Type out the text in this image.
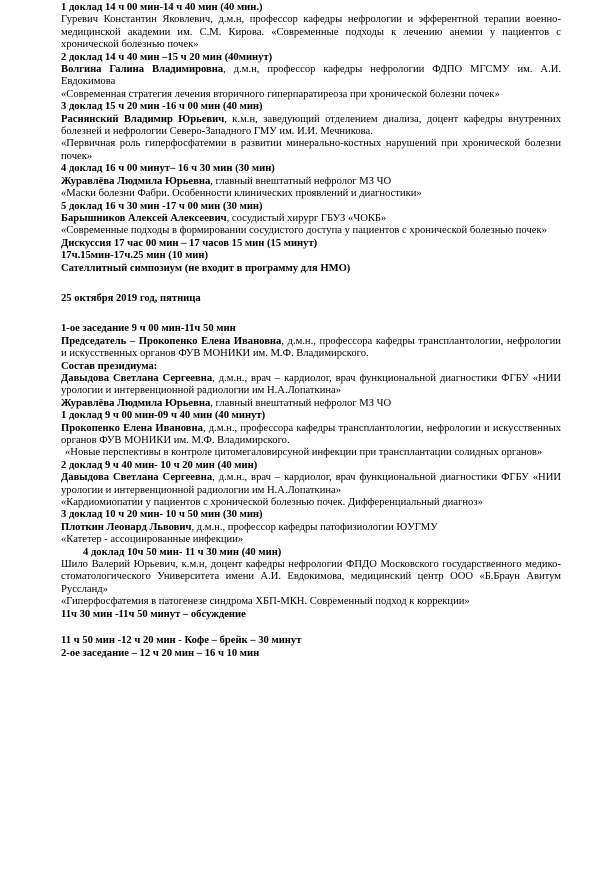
1 доклад 14 ч 00 мин-14 ч 40 мин (40 мин.)

Гуревич Константин Яковлевич, д.м.н, профессор кафедры нефрологии и эфферентной терапии военно-медицинской академии им. С.М. Кирова. «Современные подходы к лечению анемии у пациентов с хронической болезнью почек»

2 доклад 14 ч 40 мин –15 ч 20 мин (40минут)

Волгина Галина Владимировна, д.м.н, профессор кафедры нефрологии ФДПО МГСМУ им. А.И. Евдокимова

«Современная стратегия лечения вторичного гиперпаратиреоза при хронической болезни почек»

3 доклад 15 ч 20 мин -16 ч 00 мин (40 мин)

Раснянский Владимир Юрьевич, к.м.н, заведующий отделением диализа, доцент кафедры внутренних болезней и нефрологии Северо-Западного ГМУ им. И.И. Мечникова.

«Первичная роль гиперфосфатемии в развитии минерально-костных нарушений при хронической болезни почек»

4 доклад 16 ч 00 минут– 16 ч 30 мин (30 мин)

Журавлёва Людмила Юрьевна, главный внештатный нефролог МЗ ЧО

«Маски болезни Фабри. Особенности клинических проявлений и диагностики»

5 доклад 16 ч 30 мин -17 ч 00 мин (30 мин)

Барышников Алексей Алексеевич, сосудистый хирург ГБУЗ «ЧОКБ»

«Современные подходы в формировании сосудистого доступа у пациентов с хронической болезнью почек»

Дискуссия 17 час 00 мин – 17 часов 15 мин (15 минут)

17ч.15мин-17ч.25 мин (10 мин)

Сателлитный симпозиум (не входит в программу для НМО)

25 октября 2019 год, пятница

1-ое заседание 9 ч 00 мин-11ч 50 мин

Председатель – Прокопенко Елена Ивановна, д.м.н., профессора кафедры трансплантологии, нефрологии и искусственных органов ФУВ МОНИКИ им. М.Ф. Владимирского.

Состав президиума:

Давыдова Светлана Сергеевна, д.м.н., врач – кардиолог, врач функциональной диагностики ФГБУ «НИИ урологии и интервенционной радиологии им Н.А.Лопаткина»

Журавлёва Людмила Юрьевна, главный внештатный нефролог МЗ ЧО

1 доклад 9 ч 00 мин-09 ч 40 мин (40 минут)

Прокопенко Елена Ивановна, д.м.н., профессора кафедры трансплантологии, нефрологии и искусственных органов ФУВ МОНИКИ им. М.Ф. Владимирского.

«Новые перспективы в контроле цитомегаловирсуной инфекции при трансплантации солидных органов»

2 доклад 9 ч 40 мин- 10 ч 20 мин (40 мин)

Давыдова Светлана Сергеевна, д.м.н., врач – кардиолог, врач функциональной диагностики ФГБУ «НИИ урологии и интервенционной радиологии им Н.А.Лопаткина»

«Кардиомиопатии у пациентов с хронической болезнью почек. Дифференциальный диагноз»

3 доклад 10 ч 20 мин- 10 ч 50 мин (30 мин)

Плоткин Леонард Львович, д.м.н., профессор кафедры патофизиологии ЮУГМУ

«Катетер - ассоциированные инфекции»

4 доклад 10ч 50 мин- 11 ч 30 мин (40 мин)

Шило Валерий Юрьевич, к.м.н, доцент кафедры нефрологии ФПДО Московского государственного медико-стоматологического Университета имени А.И. Евдокимова, медицинский центр ООО «Б.Браун Авитум Руссланд»

«Гиперфосфатемия в патогенезе синдрома ХБП-МКН. Современный подход к коррекции»

11ч 30 мин -11ч 50 минут – обсуждение

11 ч 50 мин -12 ч 20 мин - Кофе – брейк – 30 минут

2-ое заседание – 12 ч 20 мин – 16 ч 10 мин
